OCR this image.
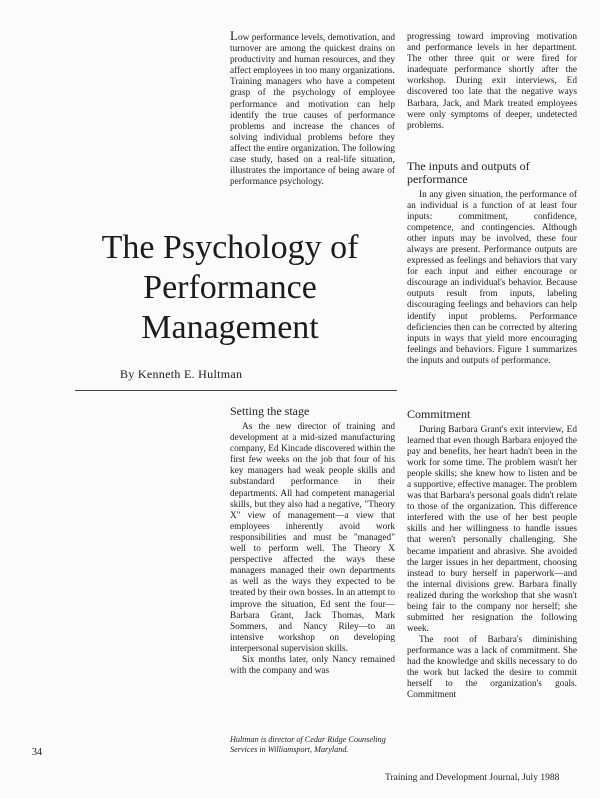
Low performance levels, demotivation, and turnover are among the quickest drains on productivity and human resources, and they affect employees in too many organizations. Training managers who have a competent grasp of the psychology of employee performance and motivation can help identify the true causes of performance problems and increase the chances of solving individual problems before they affect the entire organization. The following case study, based on a real-life situation, illustrates the importance of being aware of performance psychology.

progressing toward improving motivation and performance levels in her department. The other three quit or were fired for inadequate performance shortly after the workshop. During exit interviews, Ed discovered too late that the negative ways Barbara, Jack, and Mark treated employees were only symptoms of deeper, undetected problems.

The inputs and outputs of
performance

In any given situation, the performance of an individual is a function of at least four inputs: commitment, confidence, competence, and contingencies. Although other inputs may be involved, these four always are present. Performance outputs are expressed as feelings and behaviors that vary for each input and either encourage or discourage an individual's behavior. Because outputs result from inputs, labeling discouraging feelings and behaviors can help identify input problems. Performance deficiencies then can be corrected by altering inputs in ways that yield more encouraging feelings and behaviors. Figure 1 summarizes the inputs and outputs of performance.

The Psychology of
Performance
Management
By Kenneth E. Hultman
Setting the stage

As the new director of training and development at a mid-sized manufacturing company, Ed Kincade discovered within the first few weeks on the job that four of his key managers had weak people skills and substandard performance in their departments. All had competent managerial skills, but they also had a negative, "Theory X" view of management—a view that employees inherently avoid work responsibilities and must be "managed" well to perform well. The Theory X perspective affected the ways these managers managed their own departments as well as the ways they expected to be treated by their own bosses. In an attempt to improve the situation, Ed sent the four—Barbara Grant, Jack Thomas, Mark Sommers, and Nancy Riley—to an intensive workshop on developing interpersonal supervision skills.

Six months later, only Nancy remained with the company and was

Commitment

During Barbara Grant's exit interview, Ed learned that even though Barbara enjoyed the pay and benefits, her heart hadn't been in the work for some time. The problem wasn't her people skills; she knew how to listen and be a supportive, effective manager. The problem was that Barbara's personal goals didn't relate to those of the organization. This difference interfered with the use of her best people skills and her willingness to handle issues that weren't personally challenging. She became impatient and abrasive. She avoided the larger issues in her department, choosing instead to bury herself in paperwork—and the internal divisions grew. Barbara finally realized during the workshop that she wasn't being fair to the company nor herself; she submitted her resignation the following week.

The root of Barbara's diminishing performance was a lack of commitment. She had the knowledge and skills necessary to do the work but lacked the desire to commit herself to the organization's goals. Commitment

Hultman is director of Cedar Ridge Counseling Services in Williamsport, Maryland.
34
Training and Development Journal, July 1988
